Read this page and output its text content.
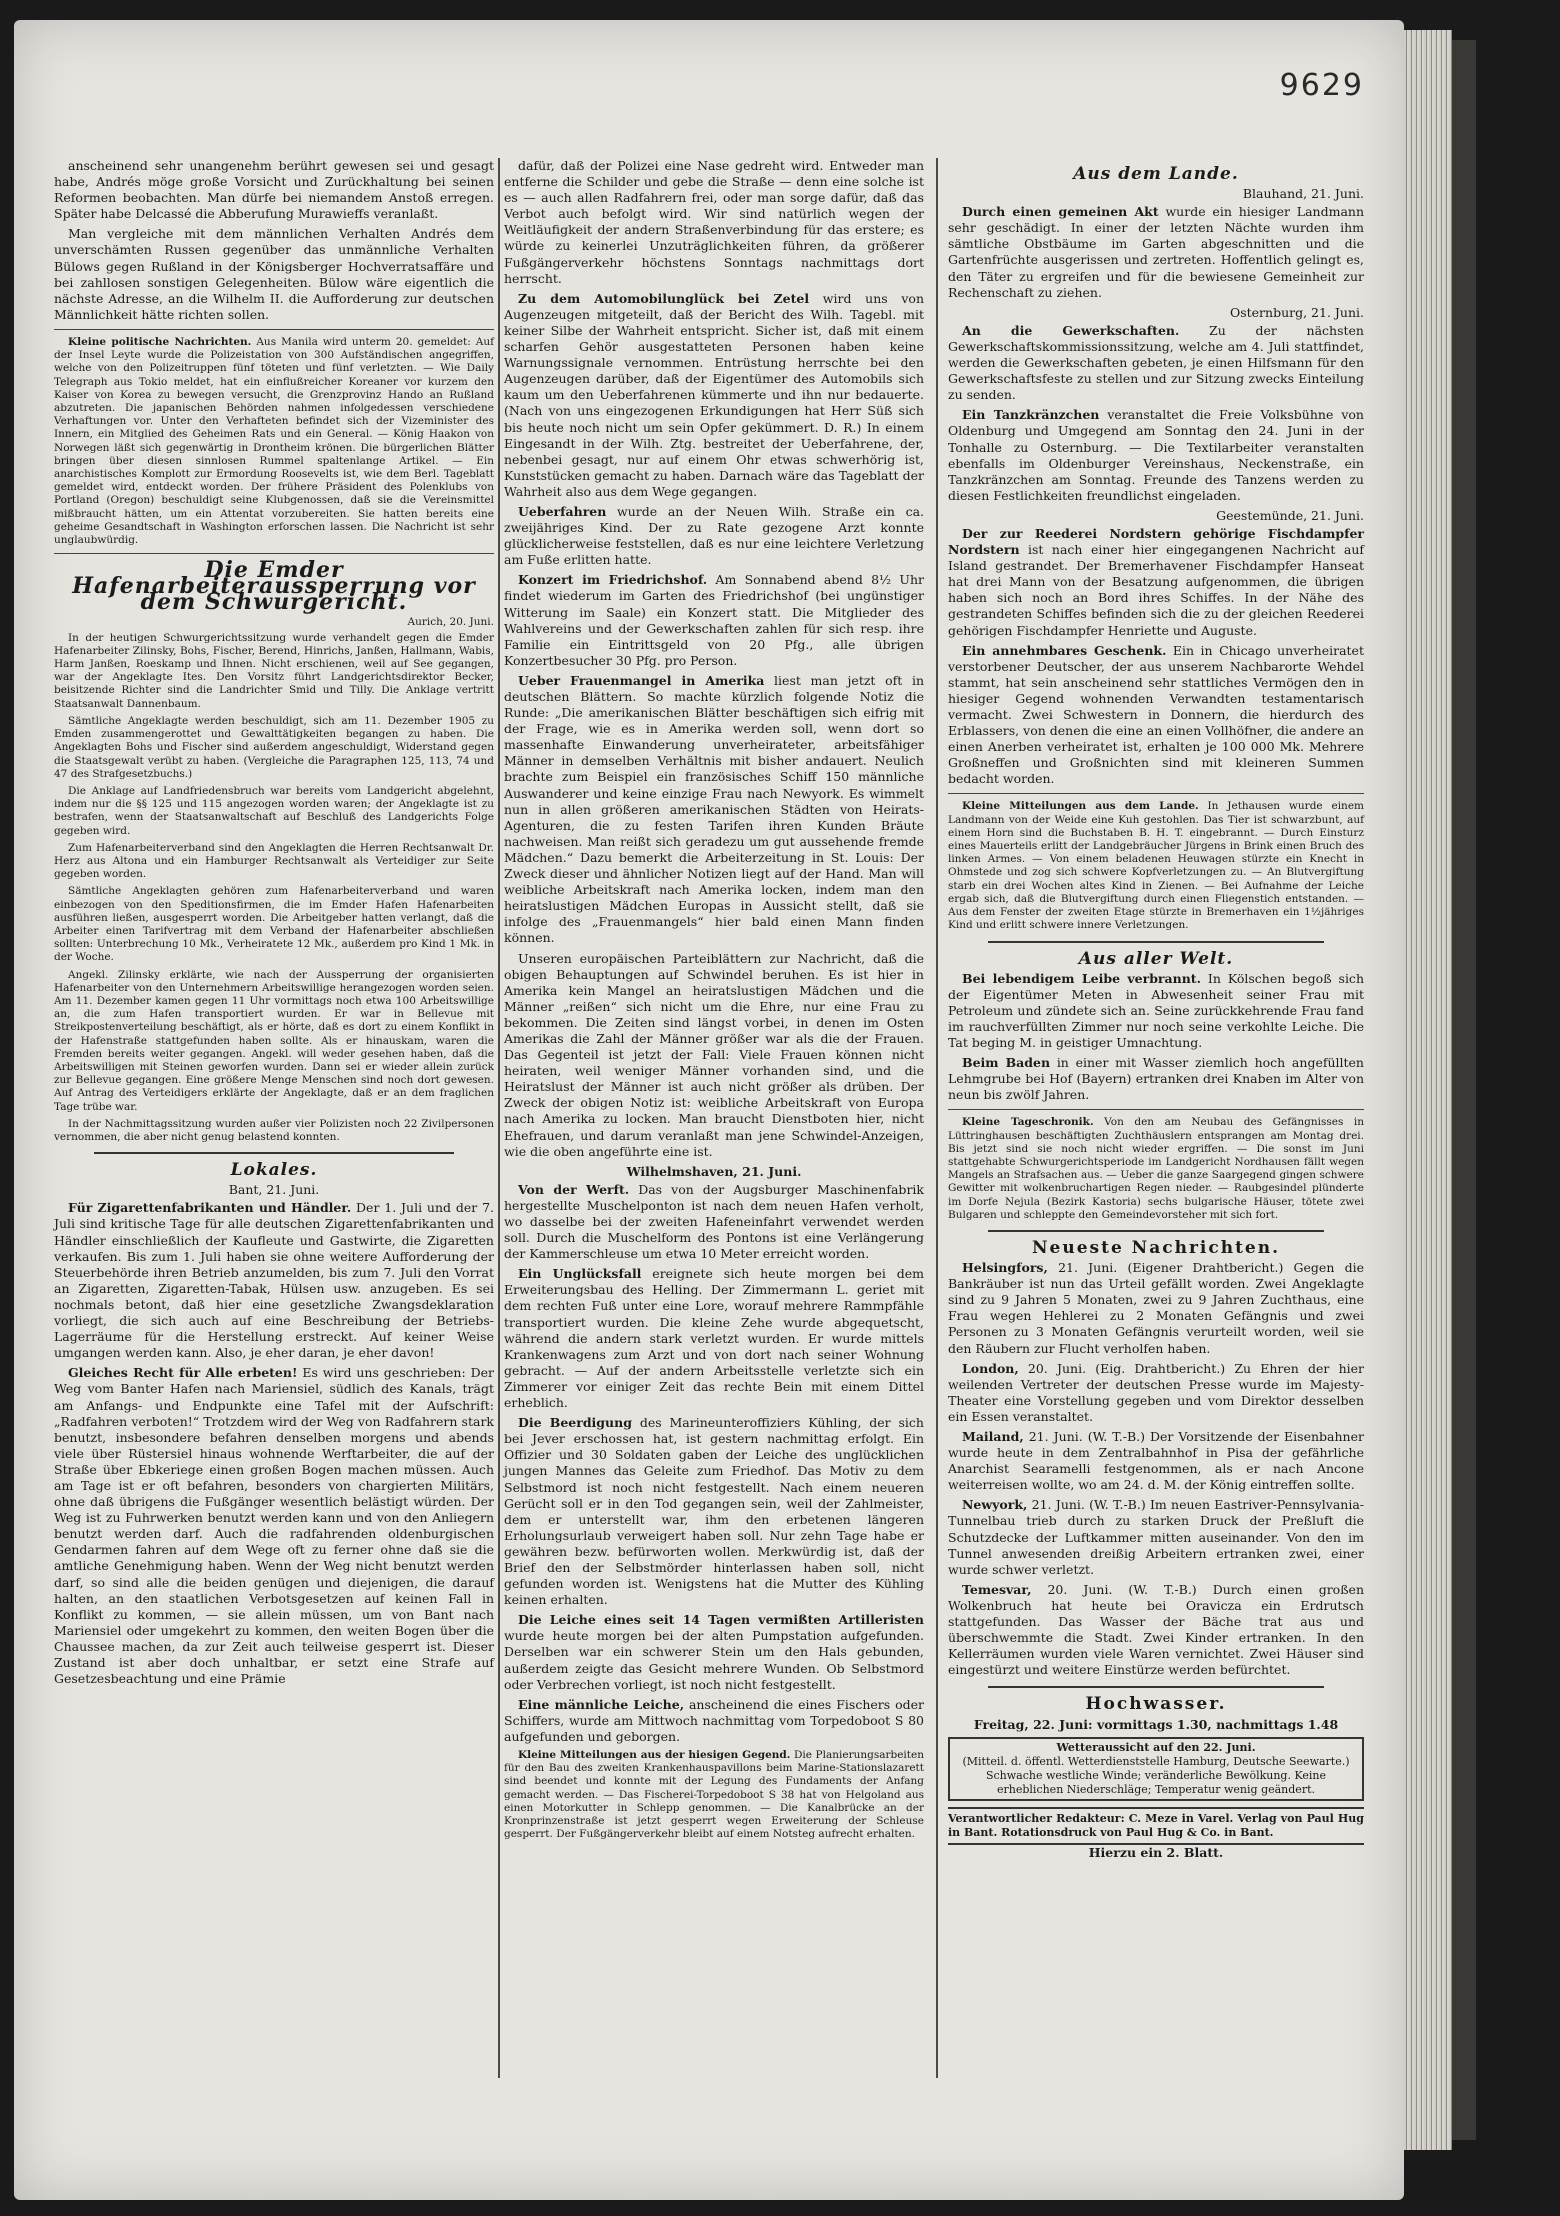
9629

anscheinend sehr unangenehm berührt gewesen sei und gesagt habe, Andrés möge große Vorsicht und Zurückhaltung bei seinen Reformen beobachten. Man dürfe bei niemandem Anstoß erregen. Später habe Delcassé die Abberufung Murawieffs veranlaßt.

Man vergleiche mit dem männlichen Verhalten Andrés dem unverschämten Russen gegenüber das unmännliche Verhalten Bülows gegen Rußland in der Königsberger Hochverratsaffäre und bei zahllosen sonstigen Gelegenheiten. Bülow wäre eigentlich die nächste Adresse, an die Wilhelm II. die Aufforderung zur deutschen Männlichkeit hätte richten sollen.

Kleine politische Nachrichten. Aus Manila wird unterm 20. gemeldet: Auf der Insel Leyte wurde die Polizeistation von 300 Aufständischen angegriffen, welche von den Polizeitruppen fünf töteten und fünf verletzten. — Wie Daily Telegraph aus Tokio meldet, hat ein einflußreicher Koreaner vor kurzem den Kaiser von Korea zu bewegen versucht, die Grenzprovinz Hando an Rußland abzutreten. Die japanischen Behörden nahmen infolgedessen verschiedene Verhaftungen vor. Unter den Verhafteten befindet sich der Vizeminister des Innern, ein Mitglied des Geheimen Rats und ein General. — König Haakon von Norwegen läßt sich gegenwärtig in Drontheim krönen. Die bürgerlichen Blätter bringen über diesen sinnlosen Rummel spaltenlange Artikel. — Ein anarchistisches Komplott zur Ermordung Roosevelts ist, wie dem Berl. Tageblatt gemeldet wird, entdeckt worden. Der frühere Präsident des Polenklubs von Portland (Oregon) beschuldigt seine Klubgenossen, daß sie die Vereinsmittel mißbraucht hätten, um ein Attentat vorzubereiten. Sie hatten bereits eine geheime Gesandtschaft in Washington erforschen lassen. Die Nachricht ist sehr unglaubwürdig.

Die Emder Hafenarbeiteraussperrung vor dem Schwurgericht.

Aurich, 20. Juni.

In der heutigen Schwurgerichtssitzung wurde verhandelt gegen die Emder Hafenarbeiter Zilinsky, Bohs, Fischer, Berend, Hinrichs, Janßen, Hallmann, Wabis, Harm Janßen, Roeskamp und Ihnen. Nicht erschienen, weil auf See gegangen, war der Angeklagte Ites. Den Vorsitz führt Landgerichtsdirektor Becker, beisitzende Richter sind die Landrichter Smid und Tilly. Die Anklage vertritt Staatsanwalt Dannenbaum.

Sämtliche Angeklagte werden beschuldigt, sich am 11. Dezember 1905 zu Emden zusammengerottet und Gewalttätigkeiten begangen zu haben. Die Angeklagten Bohs und Fischer sind außerdem angeschuldigt, Widerstand gegen die Staatsgewalt verübt zu haben. (Vergleiche die Paragraphen 125, 113, 74 und 47 des Strafgesetzbuchs.)

Die Anklage auf Landfriedensbruch war bereits vom Landgericht abgelehnt, indem nur die §§ 125 und 115 angezogen worden waren; der Angeklagte ist zu bestrafen, wenn der Staatsanwaltschaft auf Beschluß des Landgerichts Folge gegeben wird.

Zum Hafenarbeiterverband sind den Angeklagten die Herren Rechtsanwalt Dr. Herz aus Altona und ein Hamburger Rechtsanwalt als Verteidiger zur Seite gegeben worden.

Sämtliche Angeklagten gehören zum Hafenarbeiterverband und waren einbezogen von den Speditionsfirmen, die im Emder Hafen Hafenarbeiten ausführen ließen, ausgesperrt worden. Die Arbeitgeber hatten verlangt, daß die Arbeiter einen Tarifvertrag mit dem Verband der Hafenarbeiter abschließen sollten: Unterbrechung 10 Mk., Verheiratete 12 Mk., außerdem pro Kind 1 Mk. in der Woche.

Angekl. Zilinsky erklärte, wie nach der Aussperrung der organisierten Hafenarbeiter von den Unternehmern Arbeitswillige herangezogen worden seien. Am 11. Dezember kamen gegen 11 Uhr vormittags noch etwa 100 Arbeitswillige an, die zum Hafen transportiert wurden. Er war in Bellevue mit Streikpostenverteilung beschäftigt, als er hörte, daß es dort zu einem Konflikt in der Hafenstraße stattgefunden haben sollte. Als er hinauskam, waren die Fremden bereits weiter gegangen. Angekl. will weder gesehen haben, daß die Arbeitswilligen mit Steinen geworfen wurden. Dann sei er wieder allein zurück zur Bellevue gegangen. Eine größere Menge Menschen sind noch dort gewesen. Auf Antrag des Verteidigers erklärte der Angeklagte, daß er an dem fraglichen Tage trübe war.

In der Nachmittagssitzung wurden außer vier Polizisten noch 22 Zivilpersonen vernommen, die aber nicht genug belastend konnten.

Lokales.

Bant, 21. Juni.

Für Zigarettenfabrikanten und Händler. Der 1. Juli und der 7. Juli sind kritische Tage für alle deutschen Zigarettenfabrikanten und Händler einschließlich der Kaufleute und Gastwirte, die Zigaretten verkaufen. Bis zum 1. Juli haben sie ohne weitere Aufforderung der Steuerbehörde ihren Betrieb anzumelden, bis zum 7. Juli den Vorrat an Zigaretten, Zigaretten-Tabak, Hülsen usw. anzugeben. Es sei nochmals betont, daß hier eine gesetzliche Zwangsdeklaration vorliegt, die sich auch auf eine Beschreibung der Betriebs-Lagerräume für die Herstellung erstreckt. Auf keiner Weise umgangen werden kann. Also, je eher daran, je eher davon!

Gleiches Recht für Alle erbeten! Es wird uns geschrieben: Der Weg vom Banter Hafen nach Mariensiel, südlich des Kanals, trägt am Anfangs- und Endpunkte eine Tafel mit der Aufschrift: „Radfahren verboten!“ Trotzdem wird der Weg von Radfahrern stark benutzt, insbesondere befahren denselben morgens und abends viele über Rüstersiel hinaus wohnende Werftarbeiter, die auf der Straße über Ebkeriege einen großen Bogen machen müssen. Auch am Tage ist er oft befahren, besonders von chargierten Militärs, ohne daß übrigens die Fußgänger wesentlich belästigt würden. Der Weg ist zu Fuhrwerken benutzt werden kann und von den Anliegern benutzt werden darf. Auch die radfahrenden oldenburgischen Gendarmen fahren auf dem Wege oft zu ferner ohne daß sie die amtliche Genehmigung haben. Wenn der Weg nicht benutzt werden darf, so sind alle die beiden genügen und diejenigen, die darauf halten, an den staatlichen Verbotsgesetzen auf keinen Fall in Konflikt zu kommen, — sie allein müssen, um von Bant nach Mariensiel oder umgekehrt zu kommen, den weiten Bogen über die Chaussee machen, da zur Zeit auch teilweise gesperrt ist. Dieser Zustand ist aber doch unhaltbar, er setzt eine Strafe auf Gesetzesbeachtung und eine Prämie

dafür, daß der Polizei eine Nase gedreht wird. Entweder man entferne die Schilder und gebe die Straße — denn eine solche ist es — auch allen Radfahrern frei, oder man sorge dafür, daß das Verbot auch befolgt wird. Wir sind natürlich wegen der Weitläufigkeit der andern Straßenverbindung für das erstere; es würde zu keinerlei Unzuträglichkeiten führen, da größerer Fußgängerverkehr höchstens Sonntags nachmittags dort herrscht.

Zu dem Automobilunglück bei Zetel wird uns von Augenzeugen mitgeteilt, daß der Bericht des Wilh. Tagebl. mit keiner Silbe der Wahrheit entspricht. Sicher ist, daß mit einem scharfen Gehör ausgestatteten Personen haben keine Warnungssignale vernommen. Entrüstung herrschte bei den Augenzeugen darüber, daß der Eigentümer des Automobils sich kaum um den Ueberfahrenen kümmerte und ihn nur bedauerte. (Nach von uns eingezogenen Erkundigungen hat Herr Süß sich bis heute noch nicht um sein Opfer gekümmert. D. R.) In einem Eingesandt in der Wilh. Ztg. bestreitet der Ueberfahrene, der, nebenbei gesagt, nur auf einem Ohr etwas schwerhörig ist, Kunststücken gemacht zu haben. Darnach wäre das Tageblatt der Wahrheit also aus dem Wege gegangen.

Ueberfahren wurde an der Neuen Wilh. Straße ein ca. zweijähriges Kind. Der zu Rate gezogene Arzt konnte glücklicherweise feststellen, daß es nur eine leichtere Verletzung am Fuße erlitten hatte.

Konzert im Friedrichshof. Am Sonnabend abend 8½ Uhr findet wiederum im Garten des Friedrichshof (bei ungünstiger Witterung im Saale) ein Konzert statt. Die Mitglieder des Wahlvereins und der Gewerkschaften zahlen für sich resp. ihre Familie ein Eintrittsgeld von 20 Pfg., alle übrigen Konzertbesucher 30 Pfg. pro Person.

Ueber Frauenmangel in Amerika liest man jetzt oft in deutschen Blättern. So machte kürzlich folgende Notiz die Runde: „Die amerikanischen Blätter beschäftigen sich eifrig mit der Frage, wie es in Amerika werden soll, wenn dort so massenhafte Einwanderung unverheirateter, arbeitsfähiger Männer in demselben Verhältnis mit bisher andauert. Neulich brachte zum Beispiel ein französisches Schiff 150 männliche Auswanderer und keine einzige Frau nach Newyork. Es wimmelt nun in allen größeren amerikanischen Städten von Heirats-Agenturen, die zu festen Tarifen ihren Kunden Bräute nachweisen. Man reißt sich geradezu um gut aussehende fremde Mädchen.“ Dazu bemerkt die Arbeiterzeitung in St. Louis: Der Zweck dieser und ähnlicher Notizen liegt auf der Hand. Man will weibliche Arbeitskraft nach Amerika locken, indem man den heiratslustigen Mädchen Europas in Aussicht stellt, daß sie infolge des „Frauenmangels“ hier bald einen Mann finden können.

Unseren europäischen Parteiblättern zur Nachricht, daß die obigen Behauptungen auf Schwindel beruhen. Es ist hier in Amerika kein Mangel an heiratslustigen Mädchen und die Männer „reißen“ sich nicht um die Ehre, nur eine Frau zu bekommen. Die Zeiten sind längst vorbei, in denen im Osten Amerikas die Zahl der Männer größer war als die der Frauen. Das Gegenteil ist jetzt der Fall: Viele Frauen können nicht heiraten, weil weniger Männer vorhanden sind, und die Heiratslust der Männer ist auch nicht größer als drüben. Der Zweck der obigen Notiz ist: weibliche Arbeitskraft von Europa nach Amerika zu locken. Man braucht Dienstboten hier, nicht Ehefrauen, und darum veranlaßt man jene Schwindel-Anzeigen, wie die oben angeführte eine ist.

Wilhelmshaven, 21. Juni.

Von der Werft. Das von der Augsburger Maschinenfabrik hergestellte Muschelponton ist nach dem neuen Hafen verholt, wo dasselbe bei der zweiten Hafeneinfahrt verwendet werden soll. Durch die Muschelform des Pontons ist eine Verlängerung der Kammerschleuse um etwa 10 Meter erreicht worden.

Ein Unglücksfall ereignete sich heute morgen bei dem Erweiterungsbau des Helling. Der Zimmermann L. geriet mit dem rechten Fuß unter eine Lore, worauf mehrere Rammpfähle transportiert wurden. Die kleine Zehe wurde abgequetscht, während die andern stark verletzt wurden. Er wurde mittels Krankenwagens zum Arzt und von dort nach seiner Wohnung gebracht. — Auf der andern Arbeitsstelle verletzte sich ein Zimmerer vor einiger Zeit das rechte Bein mit einem Dittel erheblich.

Die Beerdigung des Marineunteroffiziers Kühling, der sich bei Jever erschossen hat, ist gestern nachmittag erfolgt. Ein Offizier und 30 Soldaten gaben der Leiche des unglücklichen jungen Mannes das Geleite zum Friedhof. Das Motiv zu dem Selbstmord ist noch nicht festgestellt. Nach einem neueren Gerücht soll er in den Tod gegangen sein, weil der Zahlmeister, dem er unterstellt war, ihm den erbetenen längeren Erholungsurlaub verweigert haben soll. Nur zehn Tage habe er gewähren bezw. befürworten wollen. Merkwürdig ist, daß der Brief den der Selbstmörder hinterlassen haben soll, nicht gefunden worden ist. Wenigstens hat die Mutter des Kühling keinen erhalten.

Die Leiche eines seit 14 Tagen vermißten Artilleristen wurde heute morgen bei der alten Pumpstation aufgefunden. Derselben war ein schwerer Stein um den Hals gebunden, außerdem zeigte das Gesicht mehrere Wunden. Ob Selbstmord oder Verbrechen vorliegt, ist noch nicht festgestellt.

Eine männliche Leiche, anscheinend die eines Fischers oder Schiffers, wurde am Mittwoch nachmittag vom Torpedoboot S 80 aufgefunden und geborgen.

Kleine Mitteilungen aus der hiesigen Gegend. Die Planierungsarbeiten für den Bau des zweiten Krankenhauspavillons beim Marine-Stationslazarett sind beendet und konnte mit der Legung des Fundaments der Anfang gemacht werden. — Das Fischerei-Torpedoboot S 38 hat von Helgoland aus einen Motorkutter in Schlepp genommen. — Die Kanalbrücke an der Kronprinzenstraße ist jetzt gesperrt wegen Erweiterung der Schleuse gesperrt. Der Fußgängerverkehr bleibt auf einem Notsteg aufrecht erhalten.

Aus dem Lande.

Blauhand, 21. Juni.

Durch einen gemeinen Akt wurde ein hiesiger Landmann sehr geschädigt. In einer der letzten Nächte wurden ihm sämtliche Obstbäume im Garten abgeschnitten und die Gartenfrüchte ausgerissen und zertreten. Hoffentlich gelingt es, den Täter zu ergreifen und für die bewiesene Gemeinheit zur Rechenschaft zu ziehen.

Osternburg, 21. Juni.

An die Gewerkschaften. Zu der nächsten Gewerkschaftskommissionssitzung, welche am 4. Juli stattfindet, werden die Gewerkschaften gebeten, je einen Hilfsmann für den Gewerkschaftsfeste zu stellen und zur Sitzung zwecks Einteilung zu senden.

Ein Tanzkränzchen veranstaltet die Freie Volksbühne von Oldenburg und Umgegend am Sonntag den 24. Juni in der Tonhalle zu Osternburg. — Die Textilarbeiter veranstalten ebenfalls im Oldenburger Vereinshaus, Neckenstraße, ein Tanzkränzchen am Sonntag. Freunde des Tanzens werden zu diesen Festlichkeiten freundlichst eingeladen.

Geestemünde, 21. Juni.

Der zur Reederei Nordstern gehörige Fischdampfer Nordstern ist nach einer hier eingegangenen Nachricht auf Island gestrandet. Der Bremerhavener Fischdampfer Hanseat hat drei Mann von der Besatzung aufgenommen, die übrigen haben sich noch an Bord ihres Schiffes. In der Nähe des gestrandeten Schiffes befinden sich die zu der gleichen Reederei gehörigen Fischdampfer Henriette und Auguste.

Ein annehmbares Geschenk. Ein in Chicago unverheiratet verstorbener Deutscher, der aus unserem Nachbarorte Wehdel stammt, hat sein anscheinend sehr stattliches Vermögen den in hiesiger Gegend wohnenden Verwandten testamentarisch vermacht. Zwei Schwestern in Donnern, die hierdurch des Erblassers, von denen die eine an einen Vollhöfner, die andere an einen Anerben verheiratet ist, erhalten je 100 000 Mk. Mehrere Großneffen und Großnichten sind mit kleineren Summen bedacht worden.

Kleine Mitteilungen aus dem Lande. In Jethausen wurde einem Landmann von der Weide eine Kuh gestohlen. Das Tier ist schwarzbunt, auf einem Horn sind die Buchstaben B. H. T. eingebrannt. — Durch Einsturz eines Mauerteils erlitt der Landgebräucher Jürgens in Brink einen Bruch des linken Armes. — Von einem beladenen Heuwagen stürzte ein Knecht in Ohmstede und zog sich schwere Kopfverletzungen zu. — An Blutvergiftung starb ein drei Wochen altes Kind in Zienen. — Bei Aufnahme der Leiche ergab sich, daß die Blutvergiftung durch einen Fliegenstich entstanden. — Aus dem Fenster der zweiten Etage stürzte in Bremerhaven ein 1½jähriges Kind und erlitt schwere innere Verletzungen.

Aus aller Welt.

Bei lebendigem Leibe verbrannt. In Kölschen begoß sich der Eigentümer Meten in Abwesenheit seiner Frau mit Petroleum und zündete sich an. Seine zurückkehrende Frau fand im rauchverfüllten Zimmer nur noch seine verkohlte Leiche. Die Tat beging M. in geistiger Umnachtung.

Beim Baden in einer mit Wasser ziemlich hoch angefüllten Lehmgrube bei Hof (Bayern) ertranken drei Knaben im Alter von neun bis zwölf Jahren.

Kleine Tageschronik. Von den am Neubau des Gefängnisses in Lüttringhausen beschäftigten Zuchthäuslern entsprangen am Montag drei. Bis jetzt sind sie noch nicht wieder ergriffen. — Die sonst im Juni stattgehabte Schwurgerichtsperiode im Landgericht Nordhausen fällt wegen Mangels an Strafsachen aus. — Ueber die ganze Saargegend gingen schwere Gewitter mit wolkenbruchartigen Regen nieder. — Raubgesindel plünderte im Dorfe Nejula (Bezirk Kastoria) sechs bulgarische Häuser, tötete zwei Bulgaren und schleppte den Gemeindevorsteher mit sich fort.

Neueste Nachrichten.

Helsingfors, 21. Juni. (Eigener Drahtbericht.) Gegen die Bankräuber ist nun das Urteil gefällt worden. Zwei Angeklagte sind zu 9 Jahren 5 Monaten, zwei zu 9 Jahren Zuchthaus, eine Frau wegen Hehlerei zu 2 Monaten Gefängnis und zwei Personen zu 3 Monaten Gefängnis verurteilt worden, weil sie den Räubern zur Flucht verholfen haben.

London, 20. Juni. (Eig. Drahtbericht.) Zu Ehren der hier weilenden Vertreter der deutschen Presse wurde im Majesty-Theater eine Vorstellung gegeben und vom Direktor desselben ein Essen veranstaltet.

Mailand, 21. Juni. (W. T.-B.) Der Vorsitzende der Eisenbahner wurde heute in dem Zentralbahnhof in Pisa der gefährliche Anarchist Searamelli festgenommen, als er nach Ancone weiterreisen wollte, wo am 24. d. M. der König eintreffen sollte.

Newyork, 21. Juni. (W. T.-B.) Im neuen Eastriver-Pennsylvania-Tunnelbau trieb durch zu starken Druck der Preßluft die Schutzdecke der Luftkammer mitten auseinander. Von den im Tunnel anwesenden dreißig Arbeitern ertranken zwei, einer wurde schwer verletzt.

Temesvar, 20. Juni. (W. T.-B.) Durch einen großen Wolkenbruch hat heute bei Oravicza ein Erdrutsch stattgefunden. Das Wasser der Bäche trat aus und überschwemmte die Stadt. Zwei Kinder ertranken. In den Kellerräumen wurden viele Waren vernichtet. Zwei Häuser sind eingestürzt und weitere Einstürze werden befürchtet.

Hochwasser.

Freitag, 22. Juni: vormittags 1.30, nachmittags 1.48

Wetteraussicht auf den 22. Juni.
(Mitteil. d. öffentl. Wetterdienststelle Hamburg, Deutsche Seewarte.)
Schwache westliche Winde; veränderliche Bewölkung. Keine erheblichen Niederschläge; Temperatur wenig geändert.
Verantwortlicher Redakteur: C. Meze in Varel. Verlag von Paul Hug in Bant. Rotationsdruck von Paul Hug & Co. in Bant.

Hierzu ein 2. Blatt.
